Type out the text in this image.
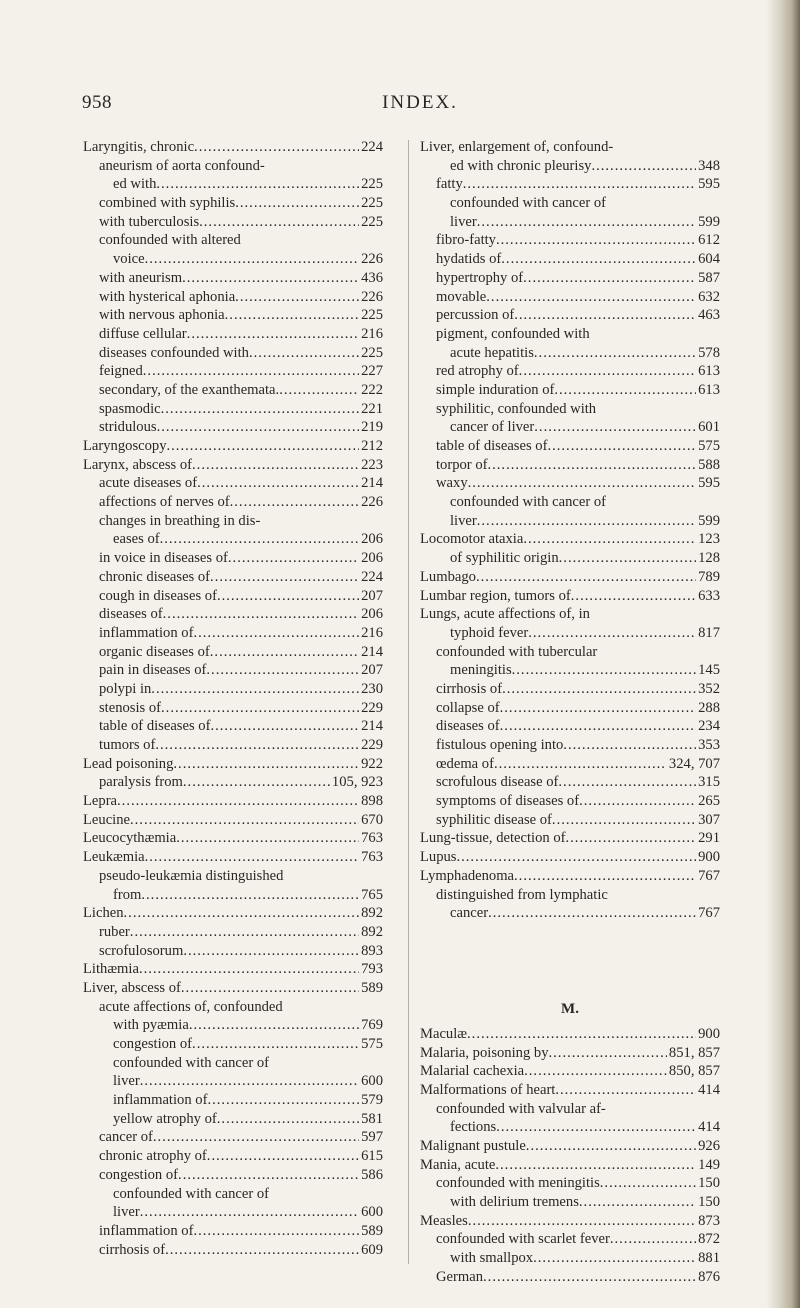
958	INDEX.
Laryngitis, chronic .....	224
aneurism of aorta confound-
ed with .....	225
combined with syphilis .....	225
with tuberculosis .....	225
confounded with altered
voice .....	226
with aneurism .....	436
with hysterical aphonia .....	226
with nervous aphonia .....	225
diffuse cellular .....	216
diseases confounded with .....	225
feigned .....	227
secondary, of the exanthemata. .....	222
spasmodic .....	221
stridulous .....	219
Laryngoscopy .....	212
Larynx, abscess of .....	223
acute diseases of .....	214
affections of nerves of .....	226
changes in breathing in dis-
eases of .....	206
in voice in diseases of .....	206
chronic diseases of .....	224
cough in diseases of .....	207
diseases of .....	206
inflammation of .....	216
organic diseases of .....	214
pain in diseases of .....	207
polypi in .....	230
stenosis of .....	229
table of diseases of .....	214
tumors of .....	229
Lead poisoning .....	922
paralysis from .....	105, 923
Lepra .....	898
Leucine .....	670
Leucocythæmia .....	763
Leukæmia .....	763
pseudo-leukæmia distinguished
from .....	765
Lichen .....	892
ruber .....	892
scrofulosorum .....	893
Lithæmia .....	793
Liver, abscess of .....	589
acute affections of, confounded
with pyæmia .....	769
congestion of .....	575
confounded with cancer of
liver .....	600
inflammation of .....	579
yellow atrophy of .....	581
cancer of .....	597
chronic atrophy of .....	615
congestion of .....	586
confounded with cancer of
liver .....	600
inflammation of .....	589
cirrhosis of .....	609
Liver, enlargement of, confound-
ed with chronic pleurisy .....	348
fatty .....	595
confounded with cancer of
liver .....	599
fibro-fatty .....	612
hydatids of .....	604
hypertrophy of .....	587
movable .....	632
percussion of .....	463
pigment, confounded with
acute hepatitis .....	578
red atrophy of .....	613
simple induration of .....	613
syphilitic, confounded with
cancer of liver .....	601
table of diseases of .....	575
torpor of .....	588
waxy .....	595
confounded with cancer of
liver .....	599
Locomotor ataxia .....	123
of syphilitic origin .....	128
Lumbago .....	789
Lumbar region, tumors of .....	633
Lungs, acute affections of, in
typhoid fever .....	817
confounded with tubercular
meningitis .....	145
cirrhosis of .....	352
collapse of .....	288
diseases of .....	234
fistulous opening into .....	353
œdema of .....	324, 707
scrofulous disease of .....	315
symptoms of diseases of .....	265
syphilitic disease of .....	307
Lung-tissue, detection of .....	291
Lupus .....	900
Lymphadenoma .....	767
distinguished from lymphatic
cancer .....	767
M.
Maculæ .....	900
Malaria, poisoning by .....	851, 857
Malarial cachexia .....	850, 857
Malformations of heart .....	414
confounded with valvular af-
fections .....	414
Malignant pustule .....	926
Mania, acute .....	149
confounded with meningitis .....	150
with delirium tremens .....	150
Measles .....	873
confounded with scarlet fever .....	872
with smallpox .....	881
German .....	876
